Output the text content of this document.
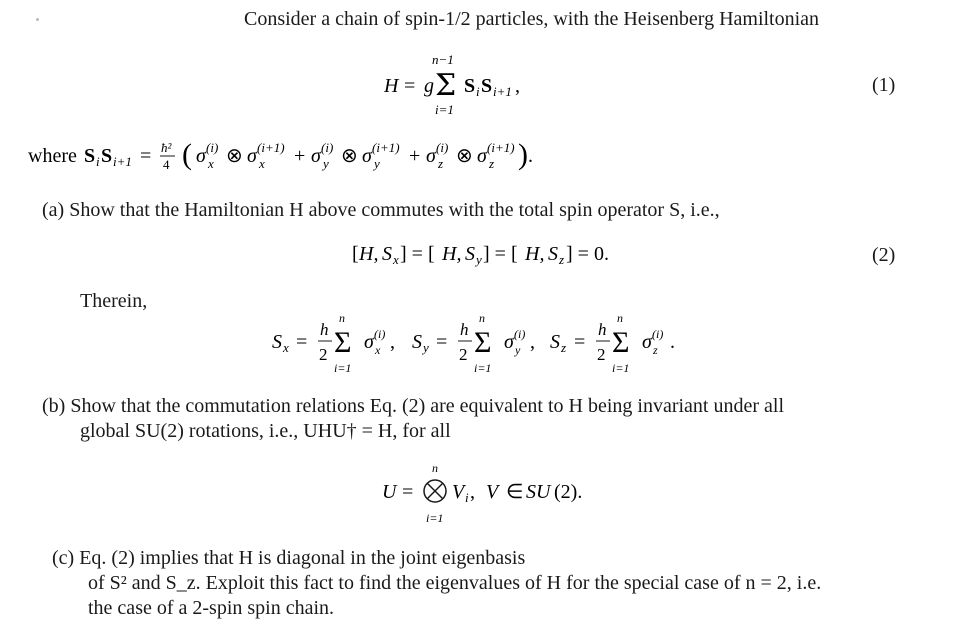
Consider a chain of spin-1/2 particles, with the Heisenberg Hamiltonian
H = g Σ
n−1
i=1
S i S i+1 ,	(1)
where S i S i+1 = ħ²
4 ( σ x
(i) ⊗ σ x
(i+1) + σ y
(i) ⊗ σ y
(i+1) + σ z
(i) ⊗ σ z
(i+1) ) .
(a) Show that the Hamiltonian H above commutes with the total spin operator S, i.e.,
[ H, S x ] = [ H, S y ] = [ H, S z ] = 0.	(2)
Therein,
S x =
h
2 Σ
n
i=1
σ x
(i) , S y =
h
2 Σ
n
i=1
σ y
(i) , S z =
h
2 Σ
n
i=1
σ z
(i) .
(b) Show that the commutation relations Eq. (2) are equivalent to H being invariant under all
global SU(2) rotations, i.e., UHU† = H, for all
U =
n
i=1
V i , V ∈ SU (2).
(c) Eq. (2) implies that H is diagonal in the joint eigenbasis
of S² and S_z. Exploit this fact to find the eigenvalues of H for the special case of n = 2, i.e.
the case of a 2-spin spin chain.
